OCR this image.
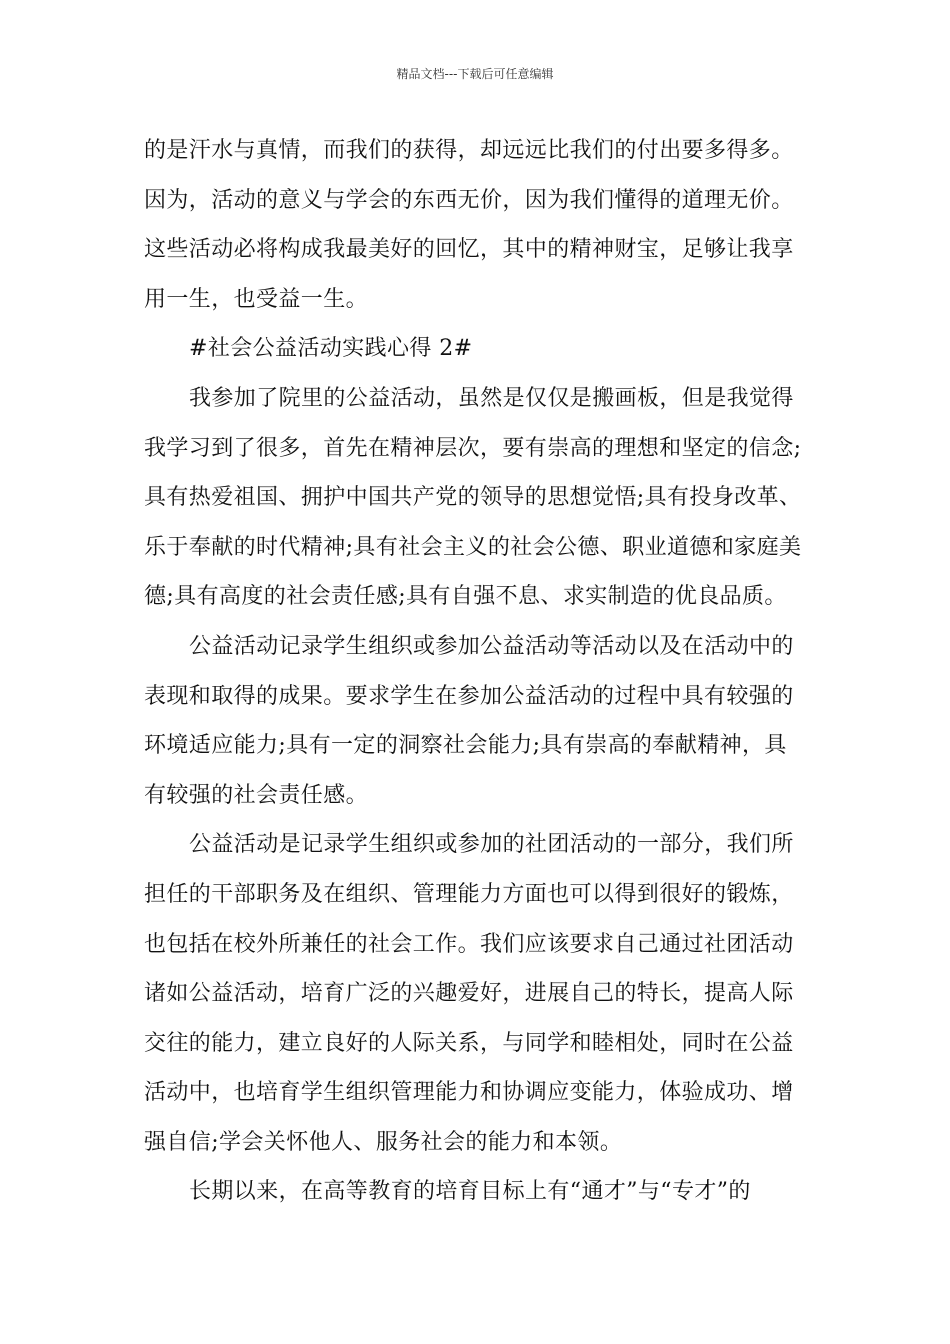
精品文档---下载后可任意编辑
的是汗水与真情，而我们的获得，却远远比我们的付出要多得多。
因为，活动的意义与学会的东西无价，因为我们懂得的道理无价。
这些活动必将构成我最美好的回忆，其中的精神财宝，足够让我享
用一生，也受益一生。
#社会公益活动实践心得 2#
我参加了院里的公益活动，虽然是仅仅是搬画板，但是我觉得
我学习到了很多，首先在精神层次，要有崇高的理想和坚定的信念;
具有热爱祖国、拥护中国共产党的领导的思想觉悟;具有投身改革、
乐于奉献的时代精神;具有社会主义的社会公德、职业道德和家庭美
德;具有高度的社会责任感;具有自强不息、求实制造的优良品质。
公益活动记录学生组织或参加公益活动等活动以及在活动中的
表现和取得的成果。要求学生在参加公益活动的过程中具有较强的
环境适应能力;具有一定的洞察社会能力;具有崇高的奉献精神，具
有较强的社会责任感。
公益活动是记录学生组织或参加的社团活动的一部分，我们所
担任的干部职务及在组织、管理能力方面也可以得到很好的锻炼，
也包括在校外所兼任的社会工作。我们应该要求自己通过社团活动
诸如公益活动，培育广泛的兴趣爱好，进展自己的特长，提高人际
交往的能力，建立良好的人际关系，与同学和睦相处，同时在公益
活动中，也培育学生组织管理能力和协调应变能力，体验成功、增
强自信;学会关怀他人、服务社会的能力和本领。
长期以来，在高等教育的培育目标上有“通才”与“专才”的
